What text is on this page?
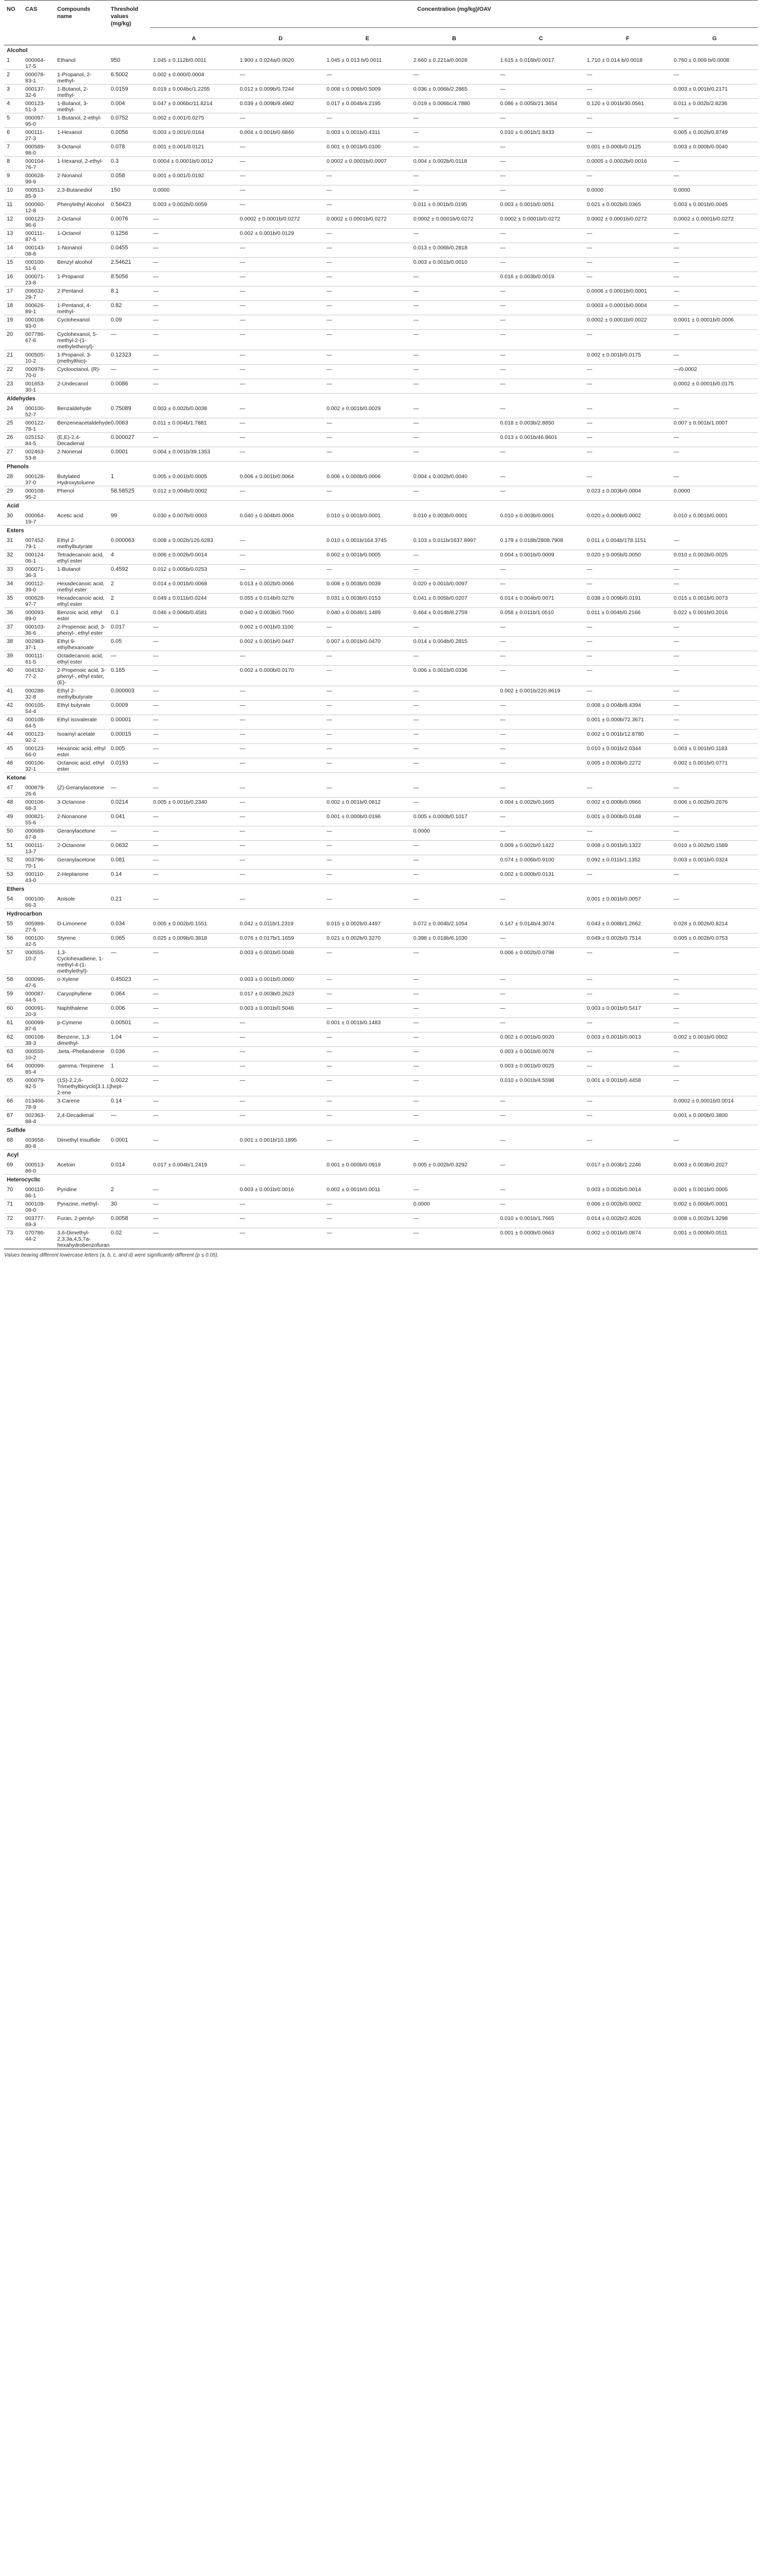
NO	CAS	Compounds name	Threshold values (mg/kg)	Concentration (mg/kg)/OAV						
				A	D	E	B	C	F	G
Alcohol										
1	000064-17-5	Ethanol	950	1.045 ± 0.112b/0.0011	1.900 ± 0.024a/0.0020	1.045 ± 0.013 b/0.0011	2.660 ± 0.221a/0.0028	1.615 ± 0.016b/0.0017	1.710 ± 0.014 b/0.0018	0.760 ± 0.009 b/0.0008
2	000078-83-1	1-Propanol, 2-methyl-	6.5002	0.002 ± 0.000/0.0004	—	—	—	—	—	—
3	000137-32-6	1-Butanol, 2-methyl-	0.0159	0.019 ± 0.004bc/1.2255	0.012 ± 0.009b/0.7244	0.008 ± 0.006b/0.5009	0.036 ± 0.006b/2.2865	—	—	0.003 ± 0.001b/0.2171
4	000123-51-3	1-Butanol, 3-methyl-	0.004	0.047 ± 0.006bc/11.8214	0.039 ± 0.009b/9.4982	0.017 ± 0.004b/4.2195	0.019 ± 0.006bc/4.7880	0.086 ± 0.005b/21.3654	0.120 ± 0.001b/30.0561	0.011 ± 0.002b/2.8236
5	000097-95-0	1-Butanol, 2-ethyl-	0.0752	0.002 ± 0.001/0.0275	—	—	—	—	—	—
6	000111-27-3	1-Hexanol	0.0056	0.003 ± 0.001/0.0164	0.004 ± 0.001b/0.6846	0.003 ± 0.001b/0.4311	—	0.010 ± 0.001b/1.8433	—	0.005 ± 0.002b/0.8749
7	000589-98-0	3-Octanol	0.078	0.001 ± 0.001/0.0121	—	0.001 ± 0.001b/0.0100	—	—	0.001 ± 0.000b/0.0125	0.003 ± 0.000b/0.0040
8	000104-76-7	1-Hexanol, 2-ethyl-	0.3	0.0004 ± 0.0001b/0.0012	—	0.0002 ± 0.0001b/0.0007	0.004 ± 0.002b/0.0118	—	0.0005 ± 0.0002b/0.0016	—
9	000628-99-9	2-Nonanol	0.058	0.001 ± 0.001/0.0192	—	—	—	—	—	—
10	000513-85-9	2,3-Butanediol	150	0.0000	—	—	—	—	0.0000	0.0000
11	000060-12-8	Phenylethyl Alcohol	0.56423	0.003 ± 0.002b/0.0059	—	—	0.011 ± 0.001b/0.0195	0.003 ± 0.001b/0.0051	0.021 ± 0.002b/0.0365	0.003 ± 0.001b/0.0045
12	000123-96-6	2-Octanol	0.0076	—	0.0002 ± 0.0001b/0.0272	0.0002 ± 0.0001b/0.0272	0.0002 ± 0.0001b/0.0272	0.0002 ± 0.0001b/0.0272	0.0002 ± 0.0001b/0.0272	0.0002 ± 0.0001b/0.0272
13	000111-87-5	1-Octanol	0.1256	—	0.002 ± 0.001b/0.0129	—	—	—	—	—
14	000143-08-8	1-Nonanol	0.0455	—	—	—	0.013 ± 0.006b/0.2818	—	—	—
15	000100-51-6	Benzyl alcohol	2.54621	—	—	—	0.003 ± 0.001b/0.0010	—	—	—
16	000071-23-8	1-Propanol	8.5056	—	—	—	—	0.016 ± 0.003b/0.0019	—	—
17	006032-29-7	2-Pentanol	8.1	—	—	—	—	—	0.0006 ± 0.0001b/0.0001	—
18	000626-89-1	1-Pentanol, 4-methyl-	0.82	—	—	—	—	—	0.0003 ± 0.0001b/0.0004	—
19	000108-93-0	Cyclohexanol	0.09	—	—	—	—	—	0.0002 ± 0.0001b/0.0022	0.0001 ± 0.0001b/0.0006
20	007786-67-6	Cyclohexanol, 5-methyl-2-(1-methylethenyl)-	—	—	—	—	—	—	—	—
21	000505-10-2	1-Propanol, 3-(methylthio)-	0.12323	—	—	—	—	—	0.002 ± 0.001b/0.0175	—
22	000978-70-0	Cyclooctanol, (R)-	—	—	—	—	—	—	—	—/0.0002
23	001653-30-1	2-Undecanol	0.0086	—	—	—	—	—	—	0.0002 ± 0.0001b/0.0175
Aldehydes										
24	000100-52-7	Benzaldehyde	0.75089	0.003 ± 0.002b/0.0038	—	0.002 ± 0.001b/0.0029	—	—	—	—
25	000122-78-1	Benzeneacetaldehyde	0.0063	0.011 ± 0.004b/1.7881	—	—	—	0.018 ± 0.003b/2.8850	—	0.007 ± 0.001b/1.0007
26	025152-84-5	(E,E)-2,4-Decadienal	0.000027	—	—	—	—	0.013 ± 0.001b/46.8601	—	—
27	002463-53-8	2-Nonenal	0.0001	0.004 ± 0.001b/39.1353	—	—	—	—	—	—
Phenols										
28	000128-37-0	Butylated Hydroxytoluene	1	0.005 ± 0.001b/0.0005	0.006 ± 0.001b/0.0064	0.006 ± 0.000b/0.0006	0.004 ± 0.002b/0.0040	—	—	—
29	000108-95-2	Phenol	58.58525	0.012 ± 0.004b/0.0002	—	—	—	—	0.023 ± 0.003b/0.0004	0.0000
Acid										
30	000064-19-7	Acetic acid	99	0.030 ± 0.007b/0.0003	0.040 ± 0.004b/0.0004	0.010 ± 0.001b/0.0001	0.010 ± 0.003b/0.0001	0.010 ± 0.003b/0.0001	0.020 ± 0.000b/0.0002	0.010 ± 0.001b/0.0001
Esters										
31	007452-79-1	Ethyl 2-methylbutyrate	0.000063	0.008 ± 0.002b/126.6283	—	0.010 ± 0.001b/164.3745	0.103 ± 0.011b/1637.8997	0.179 ± 0.018b/2808.7908	0.011 ± 0.004b/178.1151	—
32	000124-06-1	Tetradecanoic acid, ethyl ester	4	0.006 ± 0.002b/0.0014	—	0.002 ± 0.001b/0.0005	—	0.004 ± 0.001b/0.0009	0.020 ± 0.005b/0.0050	0.010 ± 0.002b/0.0025
33	000071-36-3	1-Butanol	0.4592	0.012 ± 0.005b/0.0253	—	—	—	—	—	—
34	000112-39-0	Hexadecanoic acid, methyl ester	2	0.014 ± 0.001b/0.0068	0.013 ± 0.002b/0.0066	0.008 ± 0.003b/0.0039	0.020 ± 0.001b/0.0097	—	—	—
35	000628-97-7	Hexadecanoic acid, ethyl ester	2	0.049 ± 0.011b/0.0244	0.055 ± 0.014b/0.0276	0.031 ± 0.003b/0.0153	0.041 ± 0.005b/0.0207	0.014 ± 0.004b/0.0071	0.038 ± 0.009b/0.0191	0.015 ± 0.001b/0.0073
36	000093-89-0	Benzoic acid, ethyl ester	0.1	0.046 ± 0.006b/0.4581	0.040 ± 0.003b/0.7060	0.040 ± 0.004b/1.1489	0.464 ± 0.014b/8.2759	0.058 ± 0.011b/1.0510	0.011 ± 0.004b/0.2166	0.022 ± 0.001b/0.2016
37	000103-36-6	2-Propenoic acid, 3-phenyl-, ethyl ester	0.017	—	0.002 ± 0.001b/0.1100	—	—	—	—	—
38	002983-37-1	Ethyl 9-ethylhexanoate	0.05	—	0.002 ± 0.001b/0.0447	0.007 ± 0.001b/0.0470	0.014 ± 0.004b/0.2815	—	—	—
39	000111-61-5	Octadecanoic acid, ethyl ester	—	—	—	—	—	—	—	—
40	004192-77-2	2-Propenoic acid, 3-phenyl-, ethyl ester, (E)-	0.165	—	0.002 ± 0.000b/0.0170	—	0.006 ± 0.001b/0.0336	—	—	—
41	000288-32-8	Ethyl 2-methylbutyrate	0.000003	—	—	—	—	0.002 ± 0.001b/220.8619	—	—
42	000105-54-4	Ethyl butyrate	0.0009	—	—	—	—	—	0.008 ± 0.004b/8.4394	—
43	000108-64-5	Ethyl isovalerate	0.00001	—	—	—	—	—	0.001 ± 0.000b/72.3671	—
44	000123-92-2	Isoamyl acetate	0.00015	—	—	—	—	—	0.002 ± 0.001b/12.8780	—
45	000123-66-0	Hexanoic acid, ethyl ester	0.005	—	—	—	—	—	0.010 ± 0.001b/2.0344	0.003 ± 0.001b/0.1183
46	000106-32-1	Octanoic acid, ethyl ester	0.0193	—	—	—	—	—	0.005 ± 0.003b/0.2272	0.002 ± 0.001b/0.0771
Ketone										
47	000879-26-6	(Z)-Geranylacetone	—	—	—	—	—	—	—	—
48	000106-68-3	3-Octanone	0.0214	0.005 ± 0.001b/0.2340	—	0.002 ± 0.001b/0.0812	—	0.004 ± 0.002b/0.1665	0.002 ± 0.000b/0.0966	0.006 ± 0.002b/0.2676
49	000821-55-6	2-Nonanone	0.041	—	—	0.001 ± 0.000b/0.0196	0.005 ± 0.000b/0.1017	—	0.001 ± 0.000b/0.0148	—
50	000689-67-8	Geranylacetone	—	—	—	—	0.0000	—	—	—
51	000111-13-7	2-Octanone	0.0632	—	—	—	—	0.009 ± 0.002b/0.1422	0.008 ± 0.001b/0.1322	0.010 ± 0.002b/0.1589
52	003796-70-1	Geranylacetone	0.081	—	—	—	—	0.074 ± 0.006b/0.9100	0.092 ± 0.011b/1.1352	0.003 ± 0.001b/0.0324
53	000110-43-0	2-Heptanone	0.14	—	—	—	—	0.002 ± 0.000b/0.0131	—	—
Ethers										
54	000100-66-3	Anisole	0.21	—	—	—	—	—	0.001 ± 0.001b/0.0057	—
Hydrocarbon										
55	005989-27-5	D-Limonene	0.034	0.005 ± 0.002b/0.1551	0.042 ± 0.011b/1.2319	0.015 ± 0.002b/0.4497	0.072 ± 0.004b/2.1054	0.147 ± 0.014b/4.3074	0.043 ± 0.008b/1.2662	0.028 ± 0.002b/0.8214
56	000100-42-5	Styrene	0.065	0.025 ± 0.009b/0.3818	0.076 ± 0.017b/1.1659	0.021 ± 0.002b/0.3270	0.398 ± 0.018b/6.1030	—	0.049 ± 0.002b/0.7514	0.005 ± 0.002b/0.0753
57	000555-10-2	1,3-Cyclohexadiene, 1-methyl-4-(1-methylethyl)-	—	—	0.003 ± 0.001b/0.0048	—	—	0.006 ± 0.002b/0.0798	—	—
58	000095-47-6	o-Xylene	0.45023	—	0.003 ± 0.001b/0.0060	—	—	—	—	—
59	000087-44-5	Caryophyllene	0.064	—	0.017 ± 0.003b/0.2623	—	—	—	—	—
60	000091-20-3	Naphthalene	0.006	—	0.003 ± 0.001b/0.5046	—	—	—	0.003 ± 0.001b/0.5417	—
61	000099-87-6	p-Cymene	0.00501	—	—	0.001 ± 0.001b/0.1483	—	—	—	—
62	000108-38-3	Benzene, 1,3-dimethyl-	1.04	—	—	—	—	0.002 ± 0.001b/0.0020	0.003 ± 0.001b/0.0013	0.002 ± 0.001b/0.0002
63	000555-10-2	.beta.-Phellandrene	0.036	—	—	—	—	0.003 ± 0.001b/0.0078	—	—
64	000099-85-4	.gamma.-Terpinene	1	—	—	—	—	0.003 ± 0.001b/0.0025	—	—
65	000079-92-5	(1S)-2,2,6-Trimethylbicyclo[3.1.1]hept-2-ene	0.0022	—	—	—	—	0.010 ± 0.001b/4.5598	0.001 ± 0.001b/0.4458	—
66	013466-78-9	3-Carene	0.14	—	—	—	—	—	—	0.0002 ± 0.0001b/0.0014
67	002363-88-4	2,4-Decadienal	—	—	—	—	—	—	—	0.001 ± 0.000b/0.3800
Sulfide										
68	003658-80-8	Dimethyl trisulfide	0.0001	—	0.001 ± 0.001b/10.1895	—	—	—	—	—
Acyl										
69	000513-86-0	Acetoin	0.014	0.017 ± 0.004b/1.2419	—	0.001 ± 0.000b/0.0919	0.005 ± 0.002b/0.3292	—	0.017 ± 0.003b/1.2246	0.003 ± 0.003b/0.2027
Heterocyclic										
70	000110-86-1	Pyridine	2	—	0.003 ± 0.001b/0.0016	0.002 ± 0.001b/0.0011	—	—	0.003 ± 0.002b/0.0014	0.001 ± 0.001b/0.0005
71	000109-08-0	Pyrazine, methyl-	30	—	—	—	0.0000	—	0.006 ± 0.002b/0.0002	0.002 ± 0.000b/0.0001
72	003777-69-3	Furan, 2-pentyl-	0.0058	—	—	—	—	0.010 ± 0.001b/1.7665	0.014 ± 0.002b/2.4026	0.008 ± 0.002b/1.3298
73	070786-44-2	3,6-Dimethyl-2,3,3a,4,5,7a-hexahydrobenzofuran	0.02	—	—	—	—	0.001 ± 0.000b/0.0663	0.002 ± 0.001b/0.0874	0.001 ± 0.000b/0.0511
Values bearing different lowercase letters (a, b, c, and d) were significantly different (p ≤ 0.05).
